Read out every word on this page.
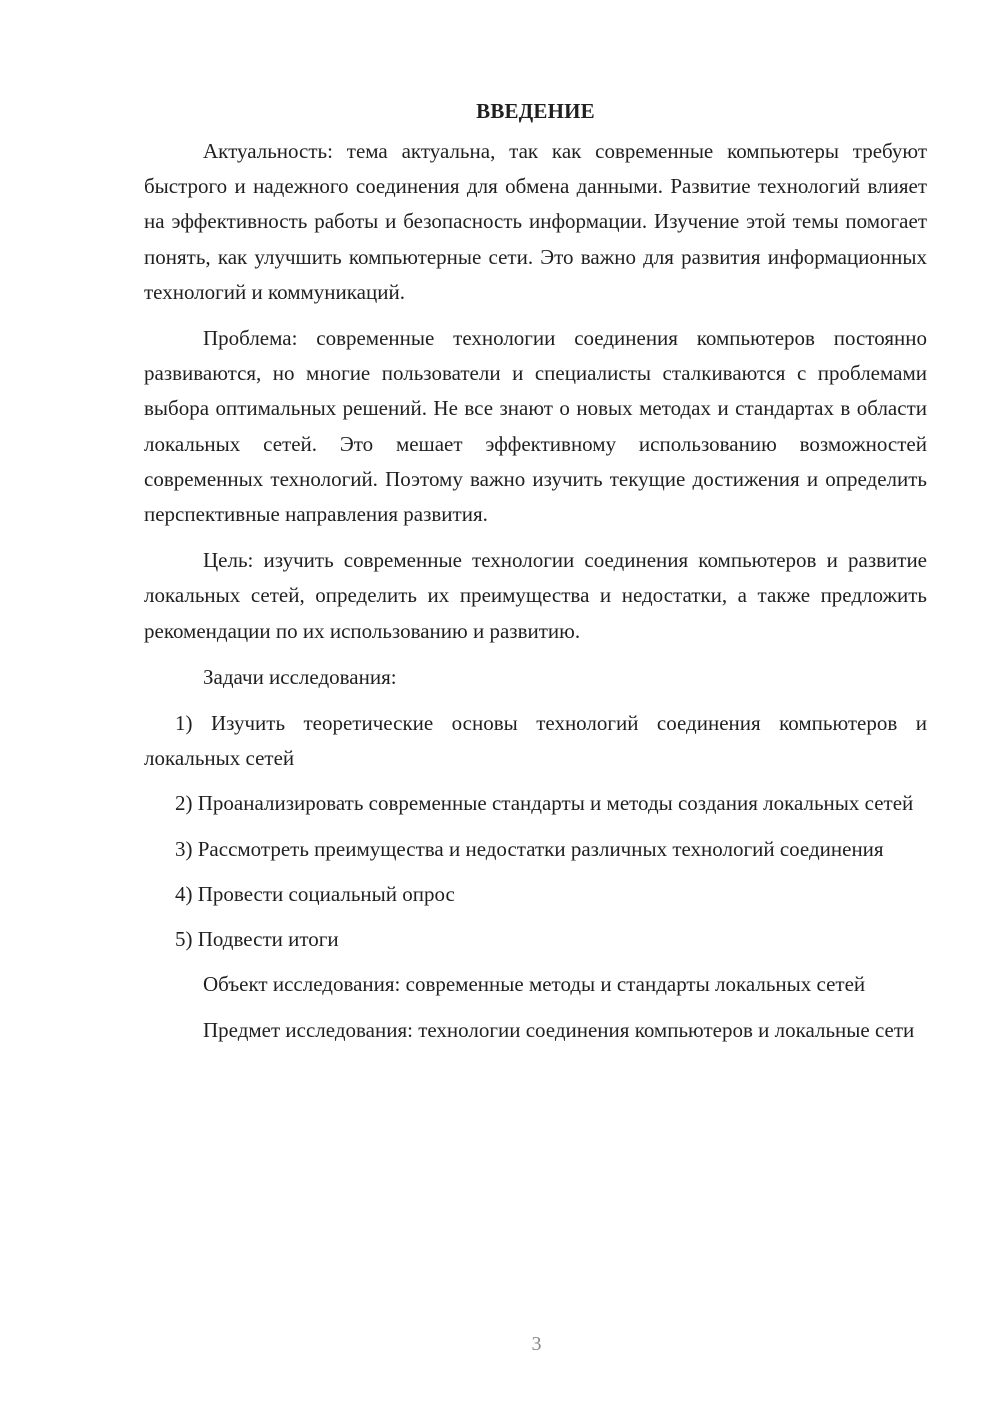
ВВЕДЕНИЕ

Актуальность: тема актуальна, так как современные компьютеры требуют быстрого и надежного соединения для обмена данными. Развитие технологий влияет на эффективность работы и безопасность информации. Изучение этой темы помогает понять, как улучшить компьютерные сети. Это важно для развития информационных технологий и коммуникаций.

Проблема: современные технологии соединения компьютеров постоянно развиваются, но многие пользователи и специалисты сталкиваются с проблемами выбора оптимальных решений. Не все знают о новых методах и стандартах в области локальных сетей. Это мешает эффективному использованию возможностей современных технологий. Поэтому важно изучить текущие достижения и определить перспективные направления развития.

Цель: изучить современные технологии соединения компьютеров и развитие локальных сетей, определить их преимущества и недостатки, а также предложить рекомендации по их использованию и развитию.

Задачи исследования:

1) Изучить теоретические основы технологий соединения компьютеров и локальных сетей

2) Проанализировать современные стандарты и методы создания локальных сетей

3) Рассмотреть преимущества и недостатки различных технологий соединения

4) Провести социальный опрос

5) Подвести итоги

Объект исследования: современные методы и стандарты локальных сетей

Предмет исследования: технологии соединения компьютеров и локальные сети

3
